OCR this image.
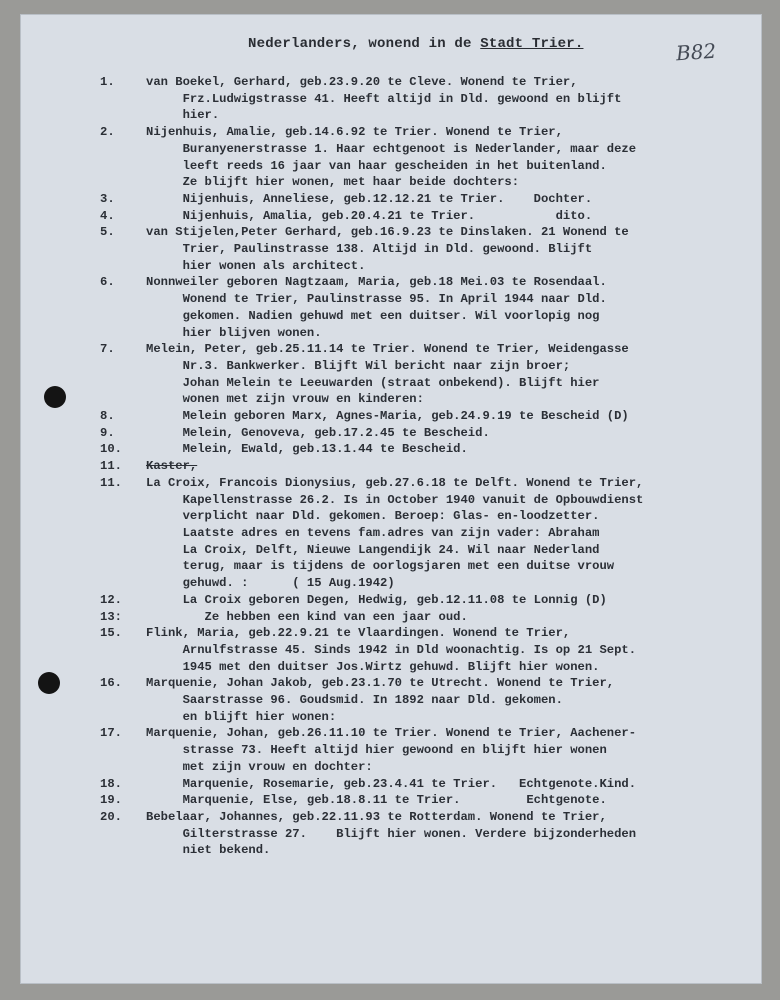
Nederlanders, wonend in de Stadt Trier.	B82
1.	van Boekel, Gerhard, geb.23.9.20 te Cleve. Wonend te Trier,
Frz.Ludwigstrasse 41. Heeft altijd in Dld. gewoond en blijft
hier.
2.	Nijenhuis, Amalie, geb.14.6.92 te Trier. Wonend te Trier,
Buranyenerstrasse 1. Haar echtgenoot is Nederlander, maar deze
leeft reeds 16 jaar van haar gescheiden in het buitenland.
Ze blijft hier wonen, met haar beide dochters:
3.	Nijenhuis, Anneliese, geb.12.12.21 te Trier.    Dochter.
4.	Nijenhuis, Amalia, geb.20.4.21 te Trier.           dito.
5.	van Stijelen,Peter Gerhard, geb.16.9.23 te Dinslaken. 21 Wonend te
Trier, Paulinstrasse 138. Altijd in Dld. gewoond. Blijft
hier wonen als architect.
6.	Nonnweiler geboren Nagtzaam, Maria, geb.18 Mei.03 te Rosendaal.
Wonend te Trier, Paulinstrasse 95. In April 1944 naar Dld.
gekomen. Nadien gehuwd met een duitser. Wil voorlopig nog
hier blijven wonen.
7.	Melein, Peter, geb.25.11.14 te Trier. Wonend te Trier, Weidengasse
Nr.3. Bankwerker. Blijft Wil bericht naar zijn broer;
Johan Melein te Leeuwarden (straat onbekend). Blijft hier
wonen met zijn vrouw en kinderen:
8.	Melein geboren Marx, Agnes-Maria, geb.24.9.19 te Bescheid (D)
9.	Melein, Genoveva, geb.17.2.45 te Bescheid.
10.	Melein, Ewald, geb.13.1.44 te Bescheid.
11.	Kaster,
11.	La Croix, Francois Dionysius, geb.27.6.18 te Delft. Wonend te Trier,
Kapellenstrasse 26.2. Is in October 1940 vanuit de Opbouwdienst
verplicht naar Dld. gekomen. Beroep: Glas- en-loodzetter.
Laatste adres en tevens fam.adres van zijn vader: Abraham
La Croix, Delft, Nieuwe Langendijk 24. Wil naar Nederland
terug, maar is tijdens de oorlogsjaren met een duitse vrouw
gehuwd. :      ( 15 Aug.1942)
12.	La Croix geboren Degen, Hedwig, geb.12.11.08 te Lonnig (D)
13:	Ze hebben een kind van een jaar oud.
15.	Flink, Maria, geb.22.9.21 te Vlaardingen. Wonend te Trier,
Arnulfstrasse 45. Sinds 1942 in Dld woonachtig. Is op 21 Sept.
1945 met den duitser Jos.Wirtz gehuwd. Blijft hier wonen.
16.	Marquenie, Johan Jakob, geb.23.1.70 te Utrecht. Wonend te Trier,
Saarstrasse 96. Goudsmid. In 1892 naar Dld. gekomen.
en blijft hier wonen:
17.	Marquenie, Johan, geb.26.11.10 te Trier. Wonend te Trier, Aachener-
strasse 73. Heeft altijd hier gewoond en blijft hier wonen
met zijn vrouw en dochter:
18.	Marquenie, Rosemarie, geb.23.4.41 te Trier.   Echtgenote.Kind.
19.	Marquenie, Else, geb.18.8.11 te Trier.         Echtgenote.
20.	Bebelaar, Johannes, geb.22.11.93 te Rotterdam. Wonend te Trier,
Gilterstrasse 27.    Blijft hier wonen. Verdere bijzonderheden
niet bekend.
